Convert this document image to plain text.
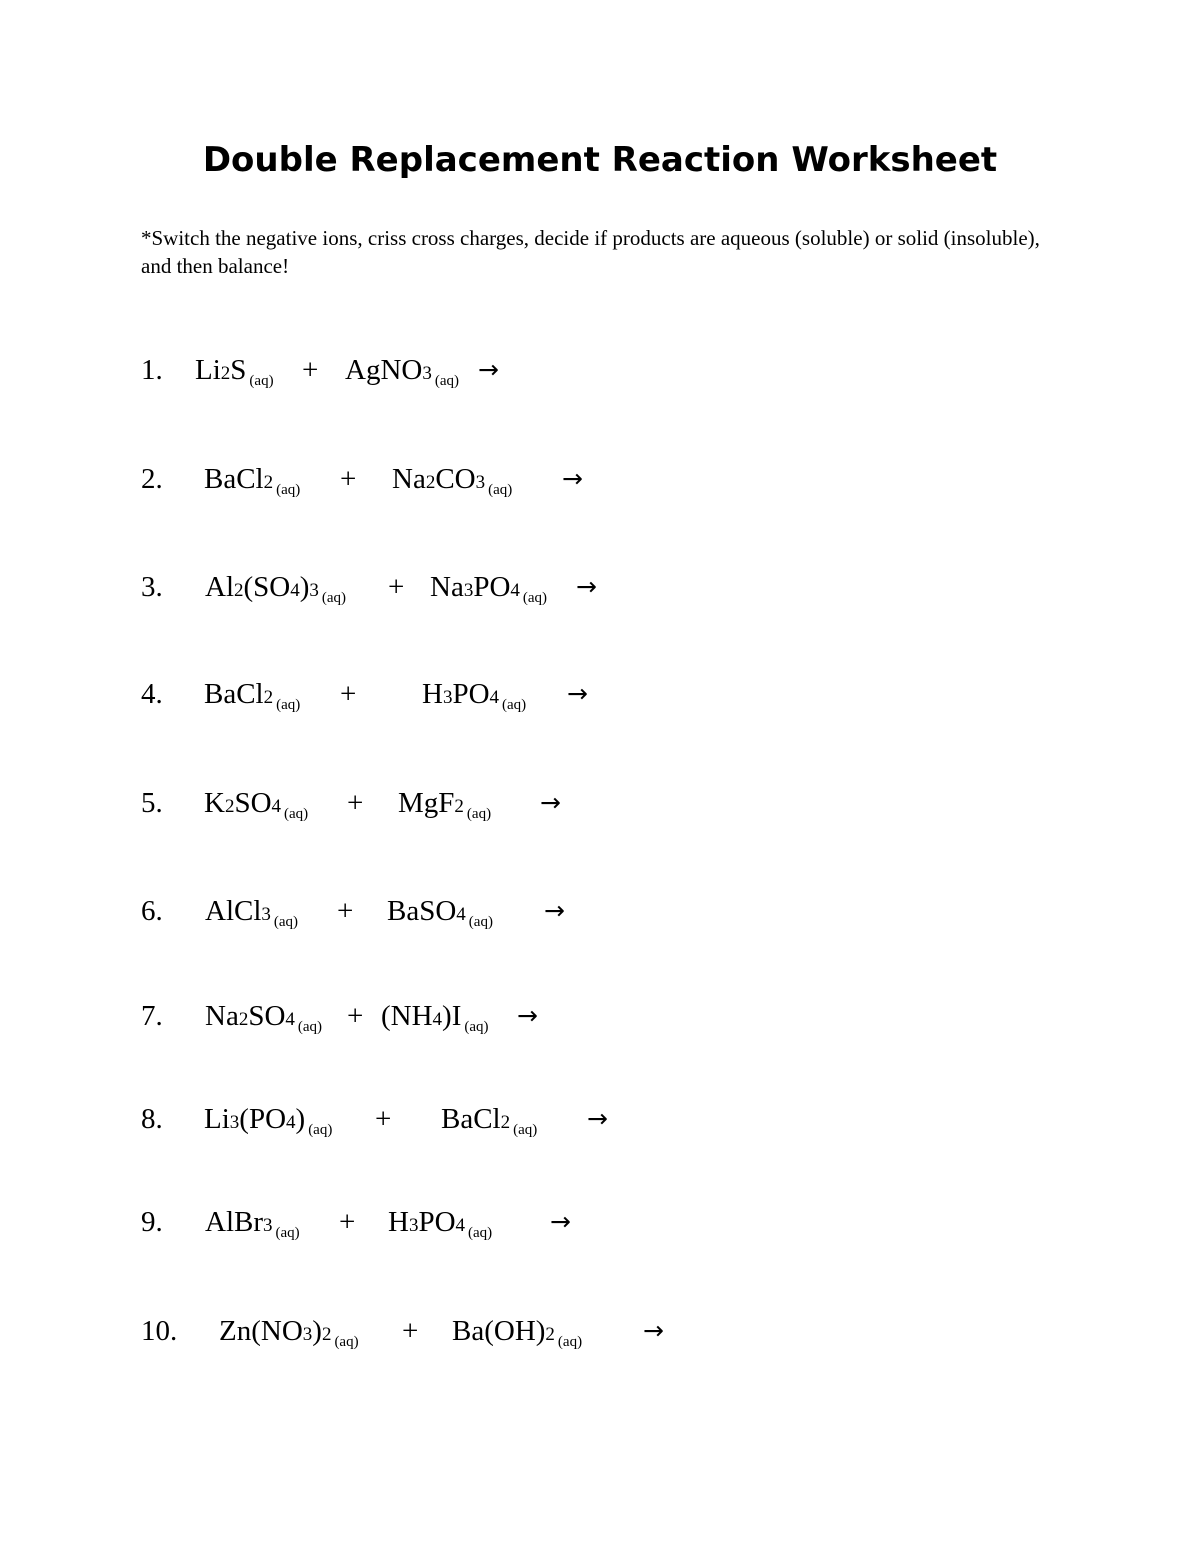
Double Replacement Reaction Worksheet

*Switch the negative ions, criss cross charges, decide if products are aqueous (soluble) or solid (insoluble), and then balance!

1. Li2S $_{(aq)}$ + AgNO3 $_{(aq)}$ →
2. BaCl2 $_{(aq)}$ + Na2CO3 $_{(aq)}$ →
3. Al2(SO4)3 $_{(aq)}$ + Na3PO4 $_{(aq)}$ →
4. BaCl2 $_{(aq)}$ + H3PO4 $_{(aq)}$ →
5. K2SO4 $_{(aq)}$ + MgF2 $_{(aq)}$ →
6. AlCl3 $_{(aq)}$ + BaSO4 $_{(aq)}$ →
7. Na2SO4 $_{(aq)}$ + (NH4)I $_{(aq)}$ →
8. Li3(PO4) $_{(aq)}$ + BaCl2 $_{(aq)}$ →
9. AlBr3 $_{(aq)}$ + H3PO4 $_{(aq)}$ →
10. Zn(NO3)2 $_{(aq)}$ + Ba(OH)2 $_{(aq)}$ →
